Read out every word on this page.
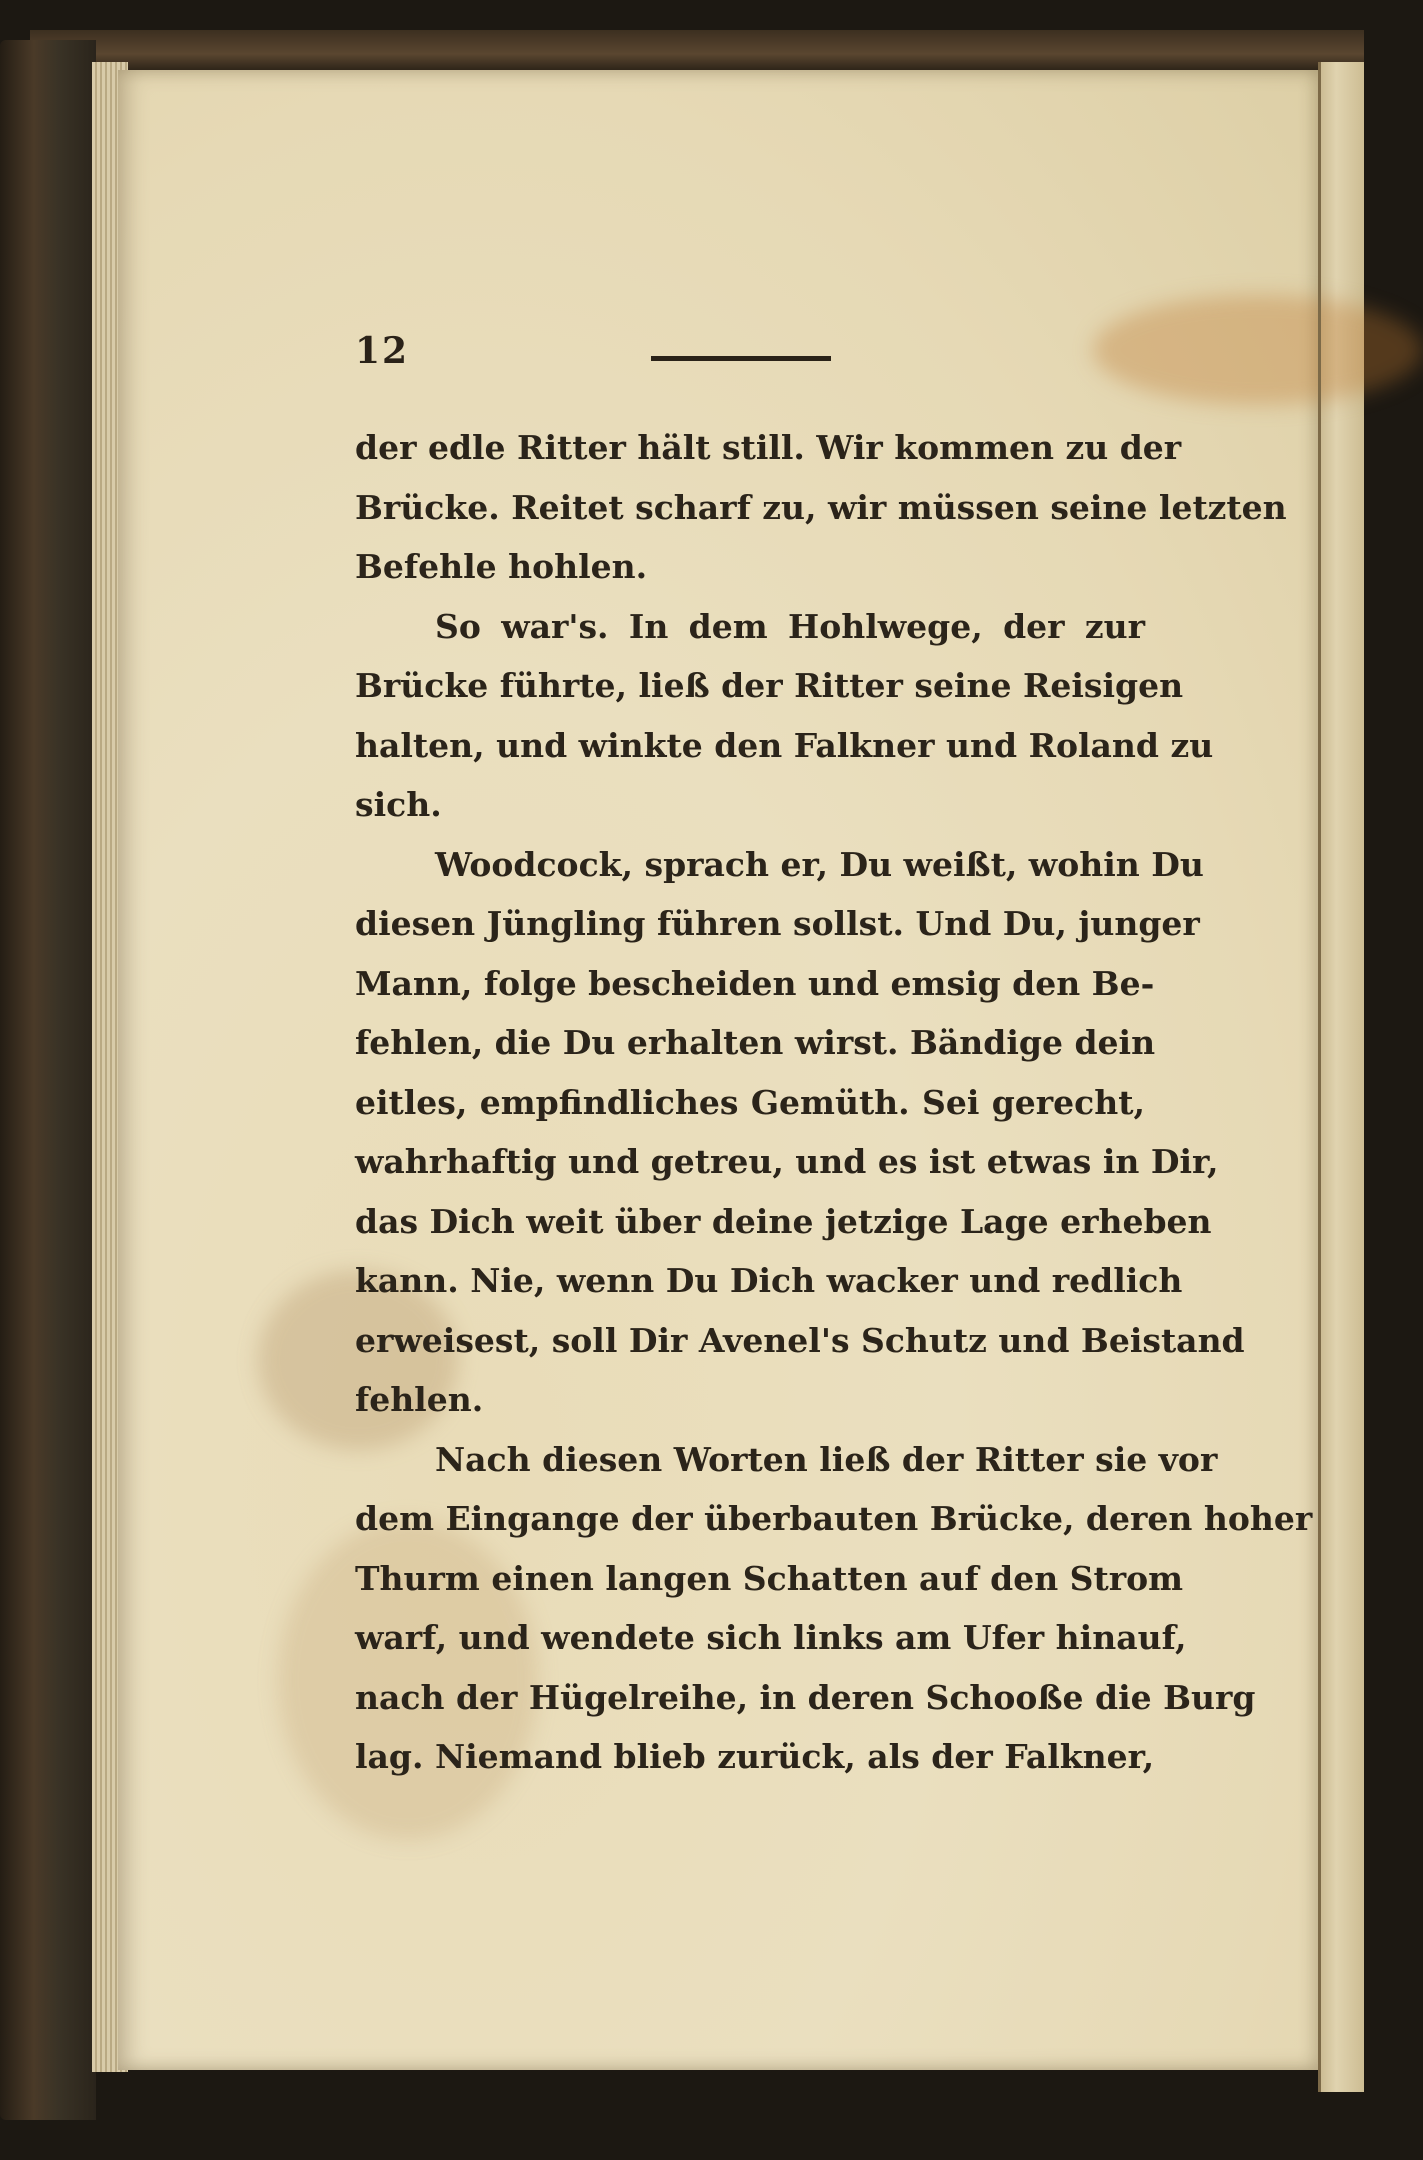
12
der edle Ritter hält still. Wir kommen zu der
Brücke. Reitet scharf zu, wir müssen seine letzten
Befehle hohlen.
So war's. In dem Hohlwege, der zur
Brücke führte, ließ der Ritter seine Reisigen
halten, und winkte den Falkner und Roland zu
sich.
Woodcock, sprach er, Du weißt, wohin Du
diesen Jüngling führen sollst. Und Du, junger
Mann, folge bescheiden und emsig den Be-
fehlen, die Du erhalten wirst. Bändige dein
eitles, empfindliches Gemüth. Sei gerecht,
wahrhaftig und getreu, und es ist etwas in Dir,
das Dich weit über deine jetzige Lage erheben
kann. Nie, wenn Du Dich wacker und redlich
erweisest, soll Dir Avenel's Schutz und Beistand
fehlen.
Nach diesen Worten ließ der Ritter sie vor
dem Eingange der überbauten Brücke, deren hoher
Thurm einen langen Schatten auf den Strom
warf, und wendete sich links am Ufer hinauf,
nach der Hügelreihe, in deren Schooße die Burg
lag. Niemand blieb zurück, als der Falkner,
